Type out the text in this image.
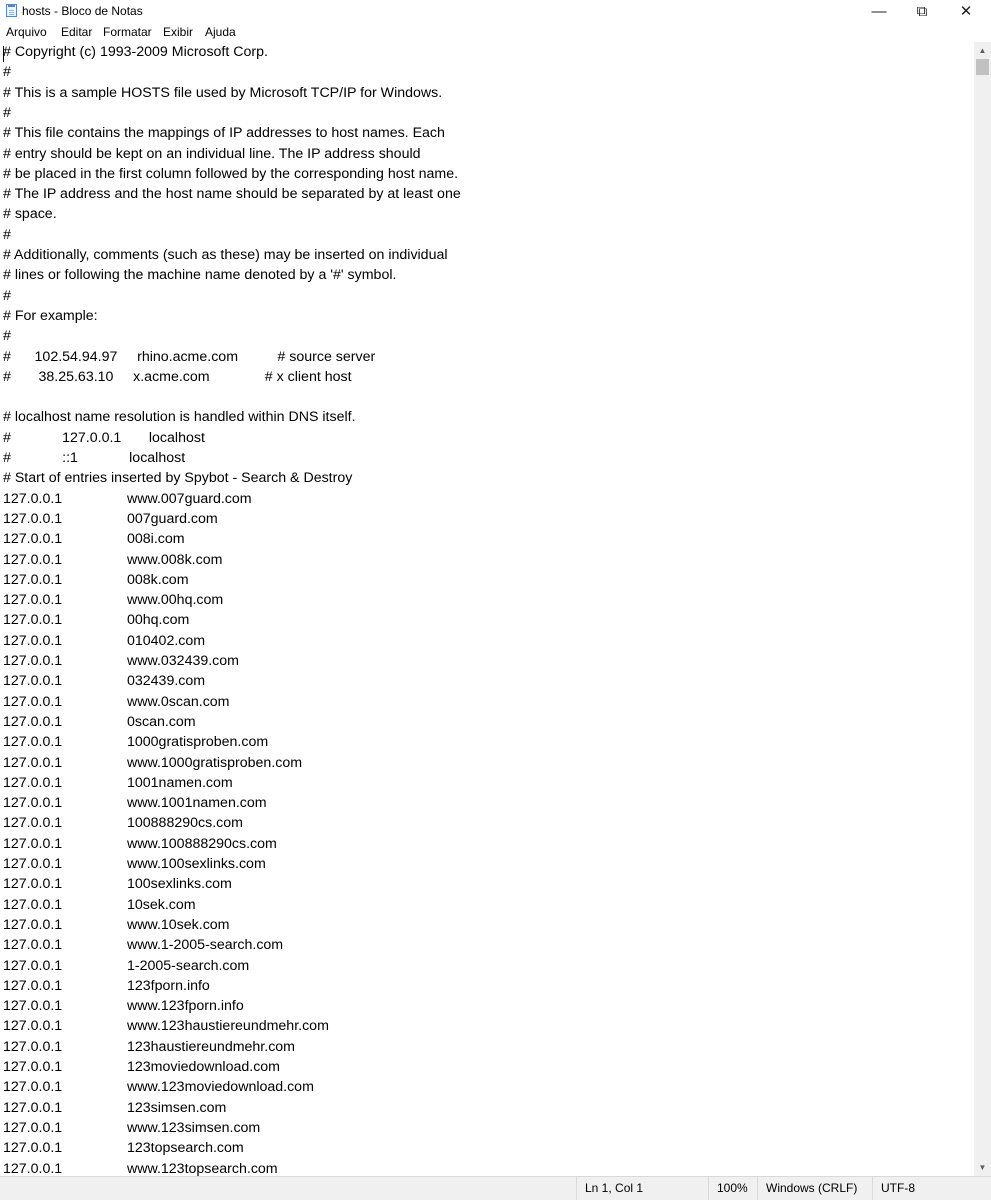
hosts - Bloco de Notas	—	⧉	✕
Arquivo Editar Formatar Exibir Ajuda
# Copyright (c) 1993-2009 Microsoft Corp.
#
# This is a sample HOSTS file used by Microsoft TCP/IP for Windows.
#
# This file contains the mappings of IP addresses to host names. Each
# entry should be kept on an individual line. The IP address should
# be placed in the first column followed by the corresponding host name.
# The IP address and the host name should be separated by at least one
# space.
#
# Additionally, comments (such as these) may be inserted on individual
# lines or following the machine name denoted by a '#' symbol.
#
# For example:
#
#      102.54.94.97     rhino.acme.com          # source server
#       38.25.63.10     x.acme.com              # x client host
# localhost name resolution is handled within DNS itself.
#             127.0.0.1       localhost
#             ::1             localhost
# Start of entries inserted by Spybot - Search & Destroy
127.0.0.1	www.007guard.com
127.0.0.1	007guard.com
127.0.0.1	008i.com
127.0.0.1	www.008k.com
127.0.0.1	008k.com
127.0.0.1	www.00hq.com
127.0.0.1	00hq.com
127.0.0.1	010402.com
127.0.0.1	www.032439.com
127.0.0.1	032439.com
127.0.0.1	www.0scan.com
127.0.0.1	0scan.com
127.0.0.1	1000gratisproben.com
127.0.0.1	www.1000gratisproben.com
127.0.0.1	1001namen.com
127.0.0.1	www.1001namen.com
127.0.0.1	100888290cs.com
127.0.0.1	www.100888290cs.com
127.0.0.1	www.100sexlinks.com
127.0.0.1	100sexlinks.com
127.0.0.1	10sek.com
127.0.0.1	www.10sek.com
127.0.0.1	www.1-2005-search.com
127.0.0.1	1-2005-search.com
127.0.0.1	123fporn.info
127.0.0.1	www.123fporn.info
127.0.0.1	www.123haustiereundmehr.com
127.0.0.1	123haustiereundmehr.com
127.0.0.1	123moviedownload.com
127.0.0.1	www.123moviedownload.com
127.0.0.1	123simsen.com
127.0.0.1	www.123simsen.com
127.0.0.1	123topsearch.com
127.0.0.1	www.123topsearch.com
▲
▼
Ln 1, Col 1	100%	Windows (CRLF)	UTF-8
